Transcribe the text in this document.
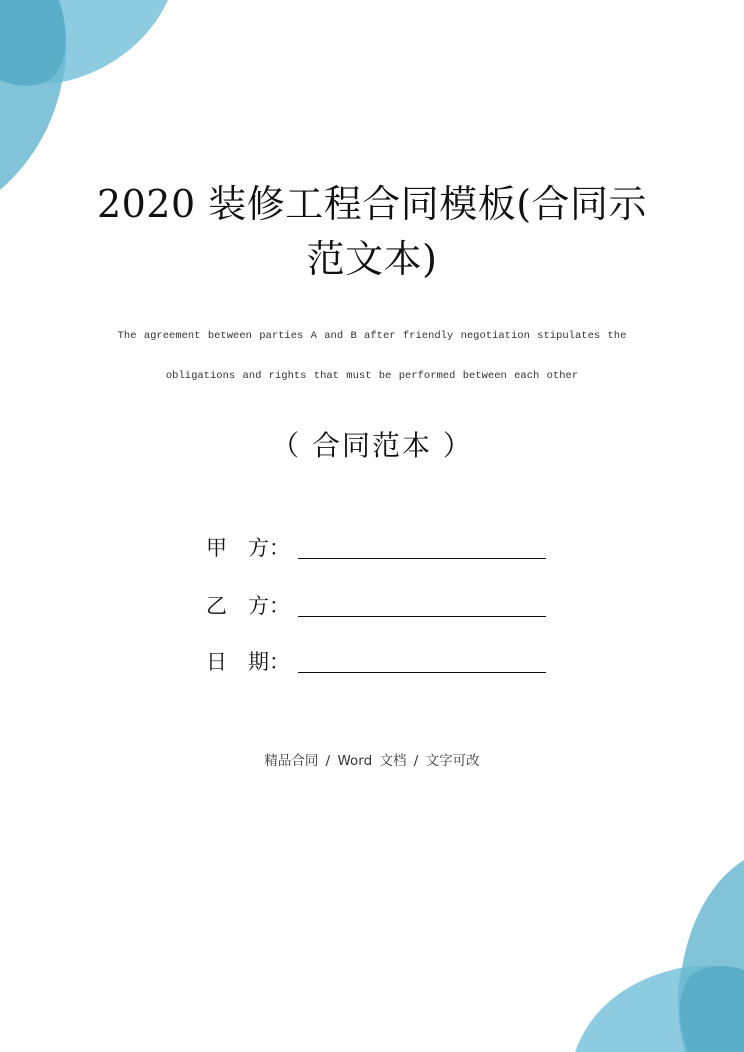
2020 装修工程合同模板(合同示
范文本)
The agreement between parties A and B after friendly negotiation stipulates the
obligations and rights that must be performed between each other
（ 合同范本 ）
甲　方：
乙　方：
日　期：
精品合同 / Word 文档 / 文字可改
